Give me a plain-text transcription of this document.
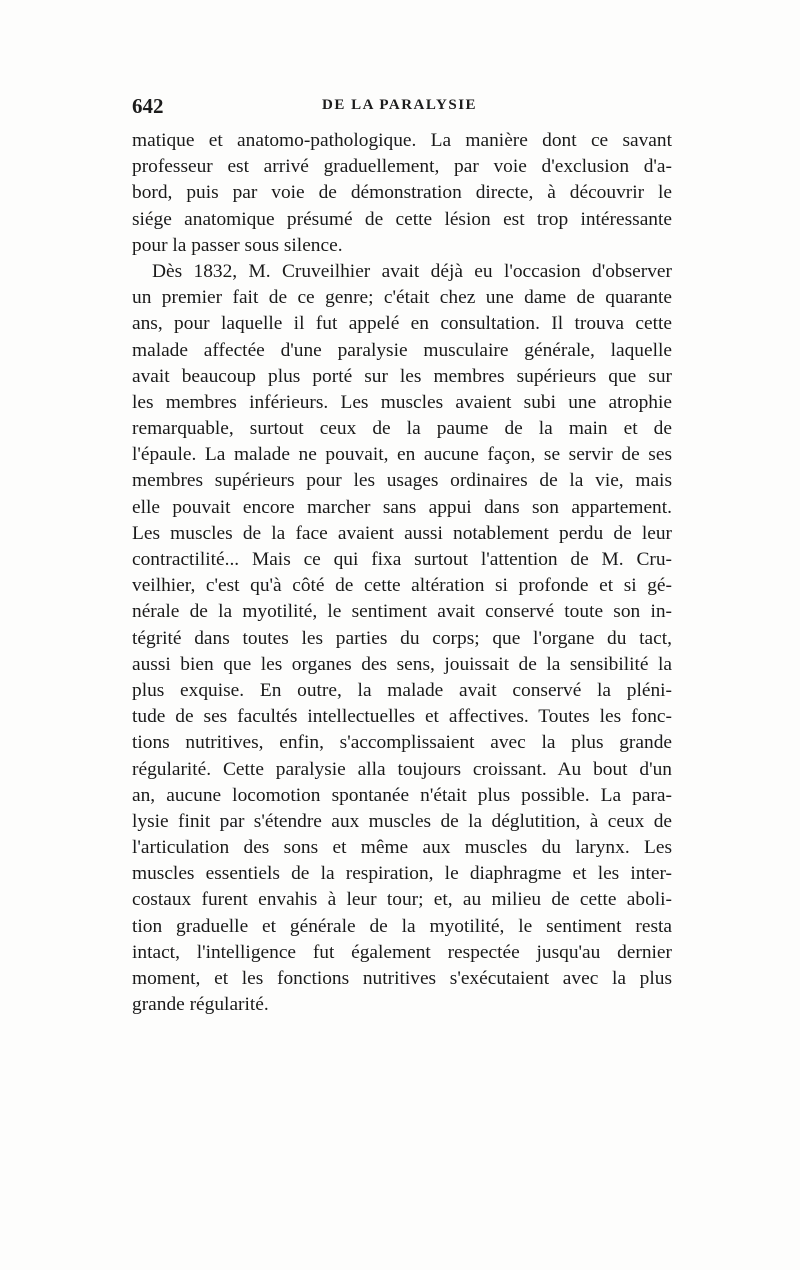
642	DE LA PARALYSIE

matique et anatomo-pathologique. La manière dont ce savant
professeur est arrivé graduellement, par voie d'exclusion d'a-
bord, puis par voie de démonstration directe, à découvrir le
siége anatomique présumé de cette lésion est trop intéressante
pour la passer sous silence.

Dès 1832, M. Cruveilhier avait déjà eu l'occasion d'observer
un premier fait de ce genre; c'était chez une dame de quarante
ans, pour laquelle il fut appelé en consultation. Il trouva cette
malade affectée d'une paralysie musculaire générale, laquelle
avait beaucoup plus porté sur les membres supérieurs que sur
les membres inférieurs. Les muscles avaient subi une atrophie
remarquable, surtout ceux de la paume de la main et de
l'épaule. La malade ne pouvait, en aucune façon, se servir de ses
membres supérieurs pour les usages ordinaires de la vie, mais
elle pouvait encore marcher sans appui dans son appartement.
Les muscles de la face avaient aussi notablement perdu de leur
contractilité... Mais ce qui fixa surtout l'attention de M. Cru-
veilhier, c'est qu'à côté de cette altération si profonde et si gé-
nérale de la myotilité, le sentiment avait conservé toute son in-
tégrité dans toutes les parties du corps; que l'organe du tact,
aussi bien que les organes des sens, jouissait de la sensibilité la
plus exquise. En outre, la malade avait conservé la pléni-
tude de ses facultés intellectuelles et affectives. Toutes les fonc-
tions nutritives, enfin, s'accomplissaient avec la plus grande
régularité. Cette paralysie alla toujours croissant. Au bout d'un
an, aucune locomotion spontanée n'était plus possible. La para-
lysie finit par s'étendre aux muscles de la déglutition, à ceux de
l'articulation des sons et même aux muscles du larynx. Les
muscles essentiels de la respiration, le diaphragme et les inter-
costaux furent envahis à leur tour; et, au milieu de cette aboli-
tion graduelle et générale de la myotilité, le sentiment resta
intact, l'intelligence fut également respectée jusqu'au dernier
moment, et les fonctions nutritives s'exécutaient avec la plus
grande régularité.
